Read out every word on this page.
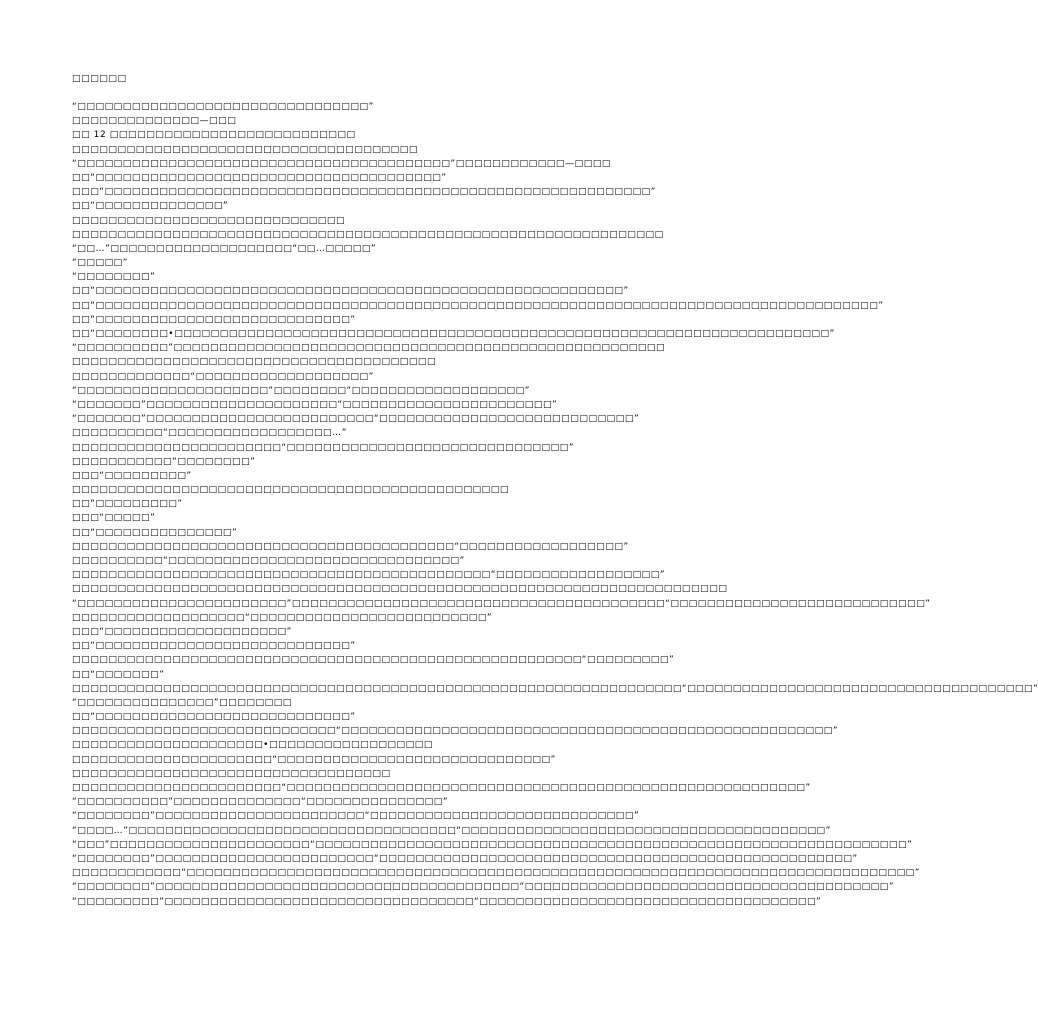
□□□□□□
“□□□□□□□□□□□□□□□□□□□□□□□□□□□□□□□□”
□□□□□□□□□□□□□□—□□□
□□ 12 □□□□□□□□□□□□□□□□□□□□□□□□□□□
□□□□□□□□□□□□□□□□□□□□□□□□□□□□□□□□□□□□□□
“□□□□□□□□□□□□□□□□□□□□□□□□□□□□□□□□□□□□□□□□□”□□□□□□□□□□□□—□□□□
□□“□□□□□□□□□□□□□□□□□□□□□□□□□□□□□□□□□□□□□□”
□□□“□□□□□□□□□□□□□□□□□□□□□□□□□□□□□□□□□□□□□□□□□□□□□□□□□□□□□□□□□□□□”
□□“□□□□□□□□□□□□□□”
□□□□□□□□□□□□□□□□□□□□□□□□□□□□□□
□□□□□□□□□□□□□□□□□□□□□□□□□□□□□□□□□□□□□□□□□□□□□□□□□□□□□□□□□□□□□□□□□
“□□…”□□□□□□□□□□□□□□□□□□□□“□□…□□□□□”
“□□□□□”
“□□□□□□□□”
□□“□□□□□□□□□□□□□□□□□□□□□□□□□□□□□□□□□□□□□□□□□□□□□□□□□□□□□□□□□□”
□□“□□□□□□□□□□□□□□□□□□□□□□□□□□□□□□□□□□□□□□□□□□□□□□□□□□□□□□□□□□□□□□□□□□□□□□□□□□□□□□□□□□□□□□”
□□“□□□□□□□□□□□□□□□□□□□□□□□□□□□□”
□□“□□□□□□□□•□□□□□□□□□□□□□□□□□□□□□□□□□□□□□□□□□□□□□□□□□□□□□□□□□□□□□□□□□□□□□□□□□□□□□□□□”
“□□□□□□□□□□”□□□□□□□□□□□□□□□□□□□□□□□□□□□□□□□□□□□□□□□□□□□□□□□□□□□□□□
□□□□□□□□□□□□□□□□□□□□□□□□□□□□□□□□□□□□□□□□
□□□□□□□□□□□□□“□□□□□□□□□□□□□□□□□□□”
“□□□□□□□□□□□□□□□□□□□□□”□□□□□□□□“□□□□□□□□□□□□□□□□□□□”
“□□□□□□□”□□□□□□□□□□□□□□□□□□□□□“□□□□□□□□□□□□□□□□□□□□□□□”
“□□□□□□□”□□□□□□□□□□□□□□□□□□□□□□□□□“□□□□□□□□□□□□□□□□□□□□□□□□□□□□”
□□□□□□□□□□“□□□□□□□□□□□□□□□□□□…”
□□□□□□□□□□□□□□□□□□□□□□□“□□□□□□□□□□□□□□□□□□□□□□□□□□□□□□□”
□□□□□□□□□□□“□□□□□□□□”
□□□“□□□□□□□□□”
□□□□□□□□□□□□□□□□□□□□□□□□□□□□□□□□□□□□□□□□□□□□□□□□
□□“□□□□□□□□□”
□□□“□□□□□”
□□“□□□□□□□□□□□□□□□”
□□□□□□□□□□□□□□□□□□□□□□□□□□□□□□□□□□□□□□□□□□“□□□□□□□□□□□□□□□□□□”
□□□□□□□□□□“□□□□□□□□□□□□□□□□□□□□□□□□□□□□□□□□”
□□□□□□□□□□□□□□□□□□□□□□□□□□□□□□□□□□□□□□□□□□□□□□“□□□□□□□□□□□□□□□□□□”
□□□□□□□□□□□□□□□□□□□□□□□□□□□□□□□□□□□□□□□□□□□□□□□□□□□□□□□□□□□□□□□□□□□□□□□□
“□□□□□□□□□□□□□□□□□□□□□□□”□□□□□□□□□□□□□□□□□□□□□□□□□□□□□□□□□□□□□□□□□“□□□□□□□□□□□□□□□□□□□□□□□□□□□□”
□□□□□□□□□□□□□□□□□□□“□□□□□□□□□□□□□□□□□□□□□□□□□□”
□□□“□□□□□□□□□□□□□□□□□□□□”
□□“□□□□□□□□□□□□□□□□□□□□□□□□□□□□”
□□□□□□□□□□□□□□□□□□□□□□□□□□□□□□□□□□□□□□□□□□□□□□□□□□□□□□□□“□□□□□□□□□”
□□“□□□□□□□”
□□□□□□□□□□□□□□□□□□□□□□□□□□□□□□□□□□□□□□□□□□□□□□□□□□□□□□□□□□□□□□□□□□□“□□□□□□□□□□□□□□□□□□□□□□□□□□□□□□□□□□□□□□”
“□□□□□□□□□□□□□□□”□□□□□□□□
□□“□□□□□□□□□□□□□□□□□□□□□□□□□□□□”
□□□□□□□□□□□□□□□□□□□□□□□□□□□□□“□□□□□□□□□□□□□□□□□□□□□□□□□□□□□□□□□□□□□□□□□□□□□□□□□□□□□□”
□□□□□□□□□□□□□□□□□□□□□•□□□□□□□□□□□□□□□□□□
□□□□□□□□□□□□□□□□□□□□□□“□□□□□□□□□□□□□□□□□□□□□□□□□□□□□□”
□□□□□□□□□□□□□□□□□□□□□□□□□□□□□□□□□□□
□□□□□□□□□□□□□□□□□□□□□□□“□□□□□□□□□□□□□□□□□□□□□□□□□□□□□□□□□□□□□□□□□□□□□□□□□□□□□□□□□”
“□□□□□□□□□□”□□□□□□□□□□□□□□“□□□□□□□□□□□□□□□”
“□□□□□□□□”□□□□□□□□□□□□□□□□□□□□□□□“□□□□□□□□□□□□□□□□□□□□□□□□□□□□□”
“□□□□…”□□□□□□□□□□□□□□□□□□□□□□□□□□□□□□□□□□□□“□□□□□□□□□□□□□□□□□□□□□□□□□□□□□□□□□□□□□□□□”
“□□□”□□□□□□□□□□□□□□□□□□□□□□“□□□□□□□□□□□□□□□□□□□□□□□□□□□□□□□□□□□□□□□□□□□□□□□□□□□□□□□□□□□□□□□□□”
“□□□□□□□□”□□□□□□□□□□□□□□□□□□□□□□□□“□□□□□□□□□□□□□□□□□□□□□□□□□□□□□□□□□□□□□□□□□□□□□□□□□□□□”
□□□□□□□□□□□□“□□□□□□□□□□□□□□□□□□□□□□□□□□□□□□□□□□□□□□□□□□□□□□□□□□□□□□□□□□□□□□□□□□□□□□□□□□□□□□□□”
“□□□□□□□□”□□□□□□□□□□□□□□□□□□□□□□□□□□□□□□□□□□□□□□□□“□□□□□□□□□□□□□□□□□□□□□□□□□□□□□□□□□□□□□□□□”
“□□□□□□□□□”□□□□□□□□□□□□□□□□□□□□□□□□□□□□□□□□□□“□□□□□□□□□□□□□□□□□□□□□□□□□□□□□□□□□□□□□”
